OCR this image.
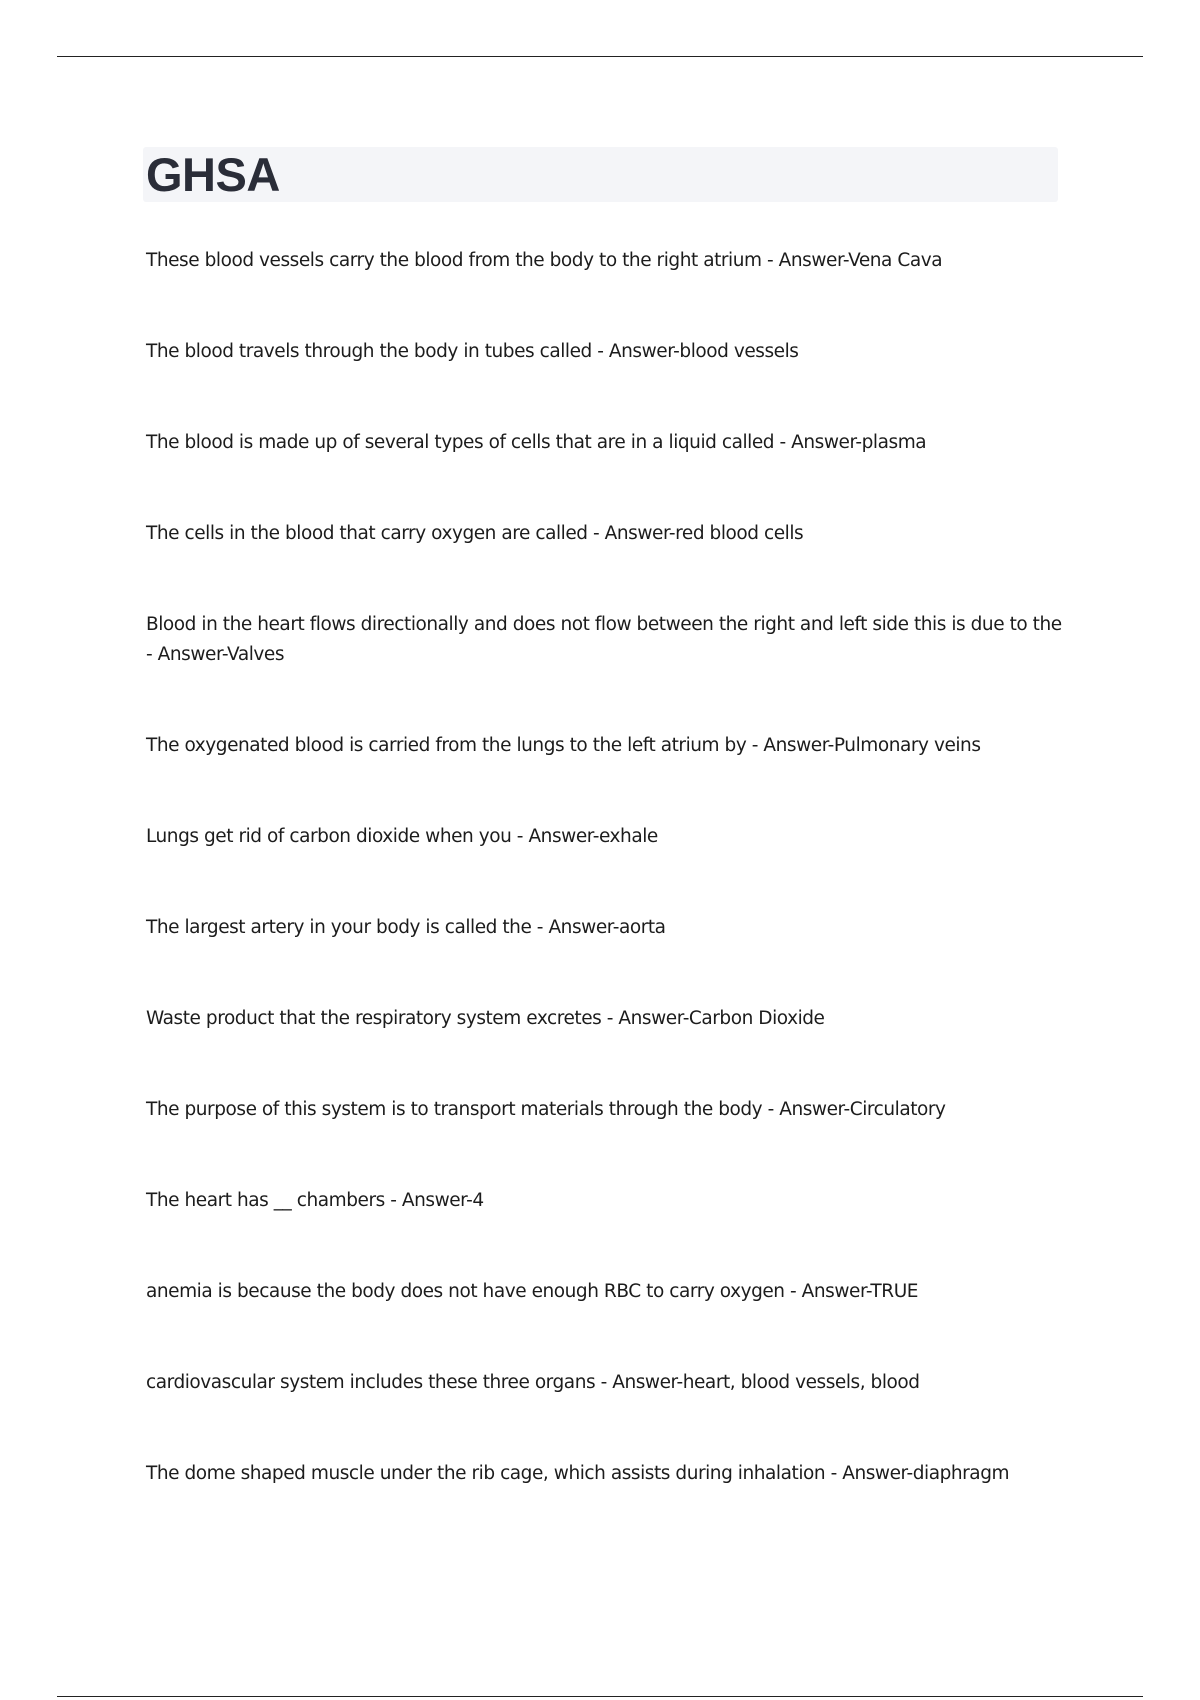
GHSA
These blood vessels carry the blood from the body to the right atrium - Answer-Vena Cava
The blood travels through the body in tubes called - Answer-blood vessels
The blood is made up of several types of cells that are in a liquid called - Answer-plasma
The cells in the blood that carry oxygen are called - Answer-red blood cells
Blood in the heart flows directionally and does not flow between the right and left side this is due to the - Answer-Valves
The oxygenated blood is carried from the lungs to the left atrium by - Answer-Pulmonary veins
Lungs get rid of carbon dioxide when you - Answer-exhale
The largest artery in your body is called the - Answer-aorta
Waste product that the respiratory system excretes - Answer-Carbon Dioxide
The purpose of this system is to transport materials through the body - Answer-Circulatory
The heart has __ chambers - Answer-4
anemia is because the body does not have enough RBC to carry oxygen - Answer-TRUE
cardiovascular system includes these three organs - Answer-heart, blood vessels, blood
The dome shaped muscle under the rib cage, which assists during inhalation - Answer-diaphragm
